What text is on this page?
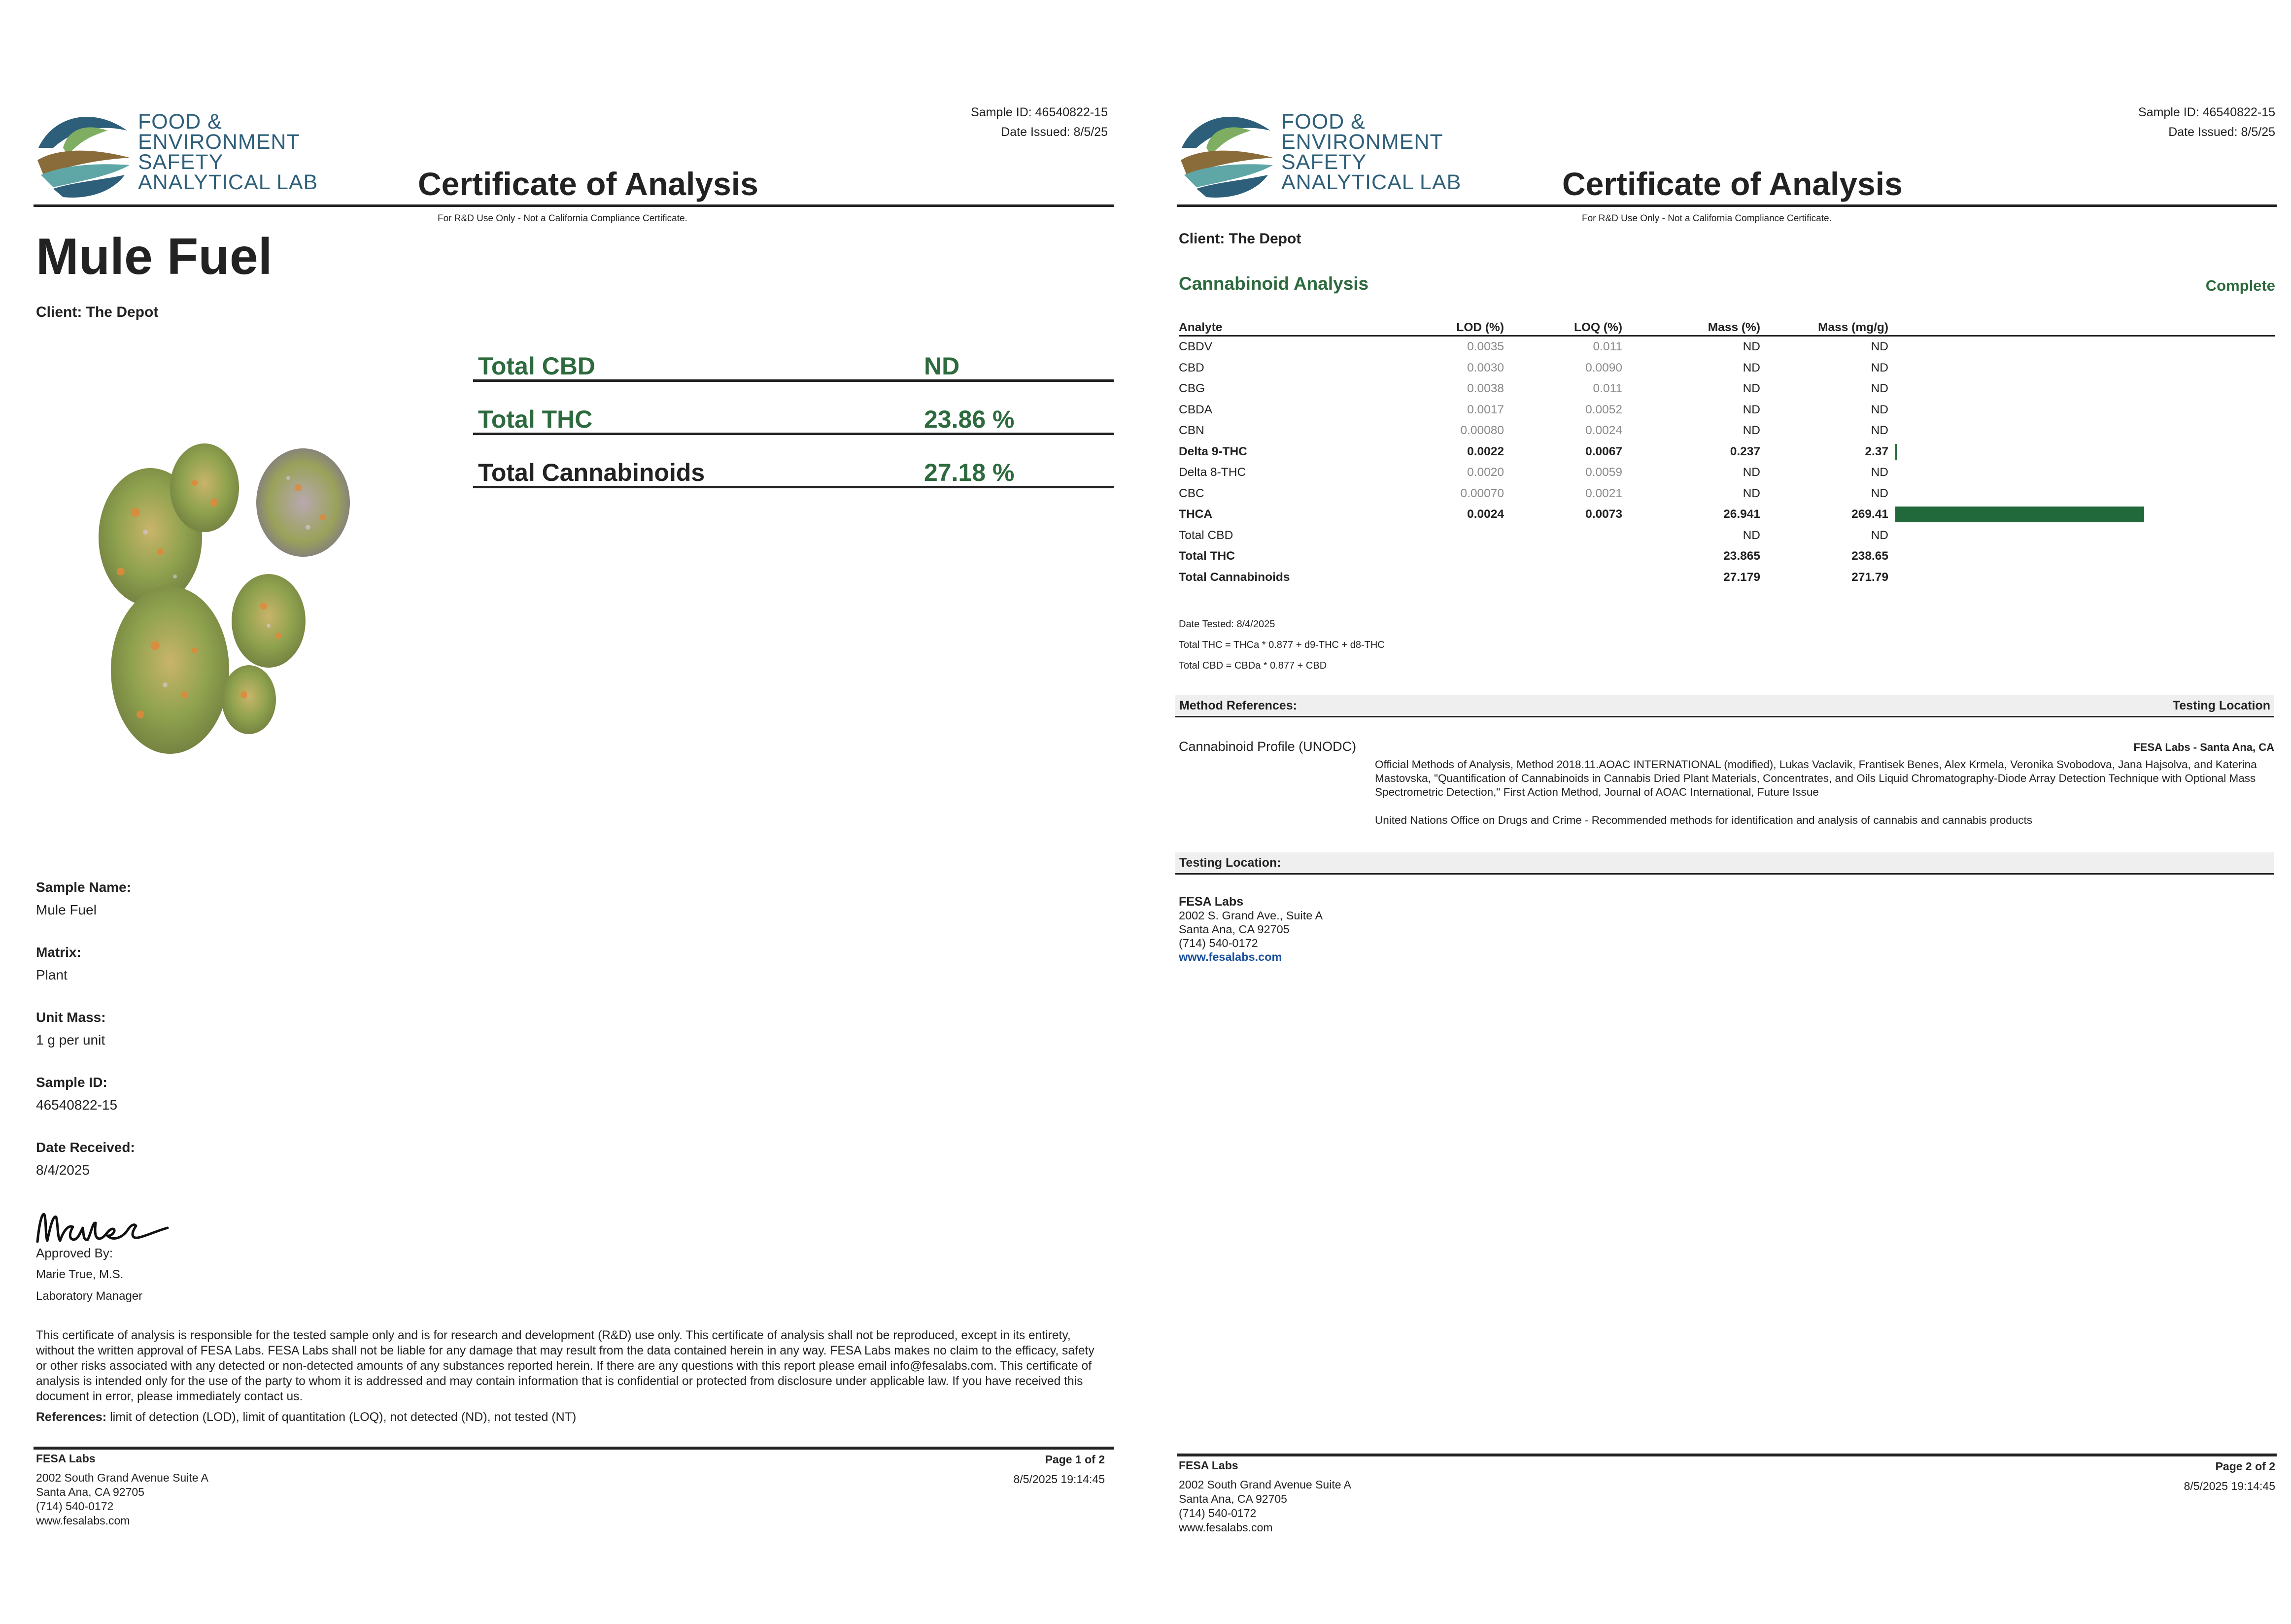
FOOD &
ENVIRONMENT
SAFETY
ANALYTICAL LAB
Sample ID: 46540822-15
Date Issued: 8/5/25
Certificate of Analysis
For R&D Use Only - Not a California Compliance Certificate.
Mule Fuel
Client: The Depot
Total CBD	ND
Total THC	23.86 %
Total Cannabinoids	27.18 %
Sample Name:
Mule Fuel
Matrix:
Plant
Unit Mass:
1 g per unit
Sample ID:
46540822-15
Date Received:
8/4/2025
Approved By:
Marie True, M.S.
Laboratory Manager
This certificate of analysis is responsible for the tested sample only and is for research and development (R&D) use only. This certificate of analysis shall not be reproduced, except in its entirety, without the written approval of FESA Labs. FESA Labs shall not be liable for any damage that may result from the data contained herein in any way. FESA Labs makes no claim to the efficacy, safety or other risks associated with any detected or non-detected amounts of any substances reported herein. If there are any questions with this report please email info@fesalabs.com. This certificate of analysis is intended only for the use of the party to whom it is addressed and may contain information that is confidential or protected from disclosure under applicable law. If you have received this document in error, please immediately contact us.
References: limit of detection (LOD), limit of quantitation (LOQ), not detected (ND), not tested (NT)
FESA Labs
2002 South Grand Avenue Suite A
Santa Ana, CA 92705
(714) 540-0172
www.fesalabs.com
Page 1 of 2
8/5/2025 19:14:45
FOOD &
ENVIRONMENT
SAFETY
ANALYTICAL LAB
Sample ID: 46540822-15
Date Issued: 8/5/25
Certificate of Analysis
For R&D Use Only - Not a California Compliance Certificate.
Client: The Depot
Cannabinoid Analysis	Complete
Analyte	LOD (%)	LOQ (%)	Mass (%)	Mass (mg/g)	
CBDV	0.0035	0.011	ND	ND	
CBD	0.0030	0.0090	ND	ND	
CBG	0.0038	0.011	ND	ND	
CBDA	0.0017	0.0052	ND	ND	
CBN	0.00080	0.0024	ND	ND	
Delta 9-THC	0.0022	0.0067	0.237	2.37	
Delta 8-THC	0.0020	0.0059	ND	ND	
CBC	0.00070	0.0021	ND	ND	
THCA	0.0024	0.0073	26.941	269.41	
Total CBD			ND	ND	
Total THC			23.865	238.65	
Total Cannabinoids			27.179	271.79	
Date Tested: 8/4/2025
Total THC = THCa * 0.877 + d9-THC + d8-THC
Total CBD = CBDa * 0.877 + CBD
Method References:	Testing Location
Cannabinoid Profile (UNODC)	FESA Labs - Santa Ana, CA
Official Methods of Analysis, Method 2018.11.AOAC INTERNATIONAL (modified), Lukas Vaclavik, Frantisek Benes, Alex Krmela, Veronika Svobodova, Jana Hajsolva, and Katerina Mastovska, "Quantification of Cannabinoids in Cannabis Dried Plant Materials, Concentrates, and Oils Liquid Chromatography-Diode Array Detection Technique with Optional Mass Spectrometric Detection," First Action Method, Journal of AOAC International, Future Issue
United Nations Office on Drugs and Crime - Recommended methods for identification and analysis of cannabis and cannabis products
Testing Location:
FESA Labs
2002 S. Grand Ave., Suite A
Santa Ana, CA 92705
(714) 540-0172
www.fesalabs.com
FESA Labs
2002 South Grand Avenue Suite A
Santa Ana, CA 92705
(714) 540-0172
www.fesalabs.com
Page 2 of 2
8/5/2025 19:14:45
